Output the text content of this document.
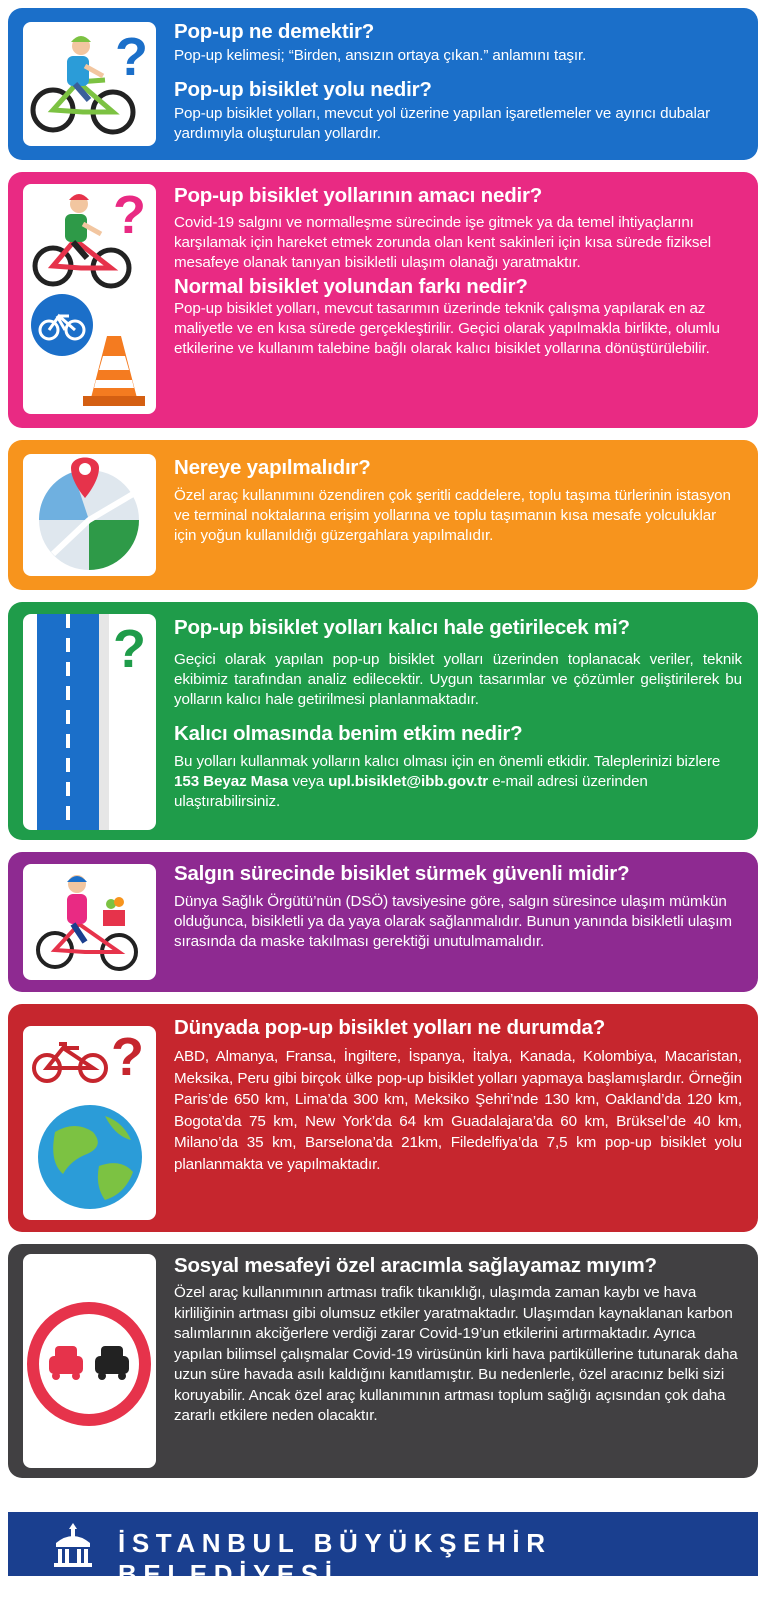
? Pop-up ne demektir?
Pop-up kelimesi; “Birden, ansızın ortaya çıkan.” anlamını taşır.
Pop-up bisiklet yolu nedir?
Pop-up bisiklet yolları, mevcut yol üzerine yapılan işaretlemeler ve ayırıcı dubalar yardımıyla oluşturulan yollardır.
? Pop-up bisiklet yollarının amacı nedir?
Covid-19 salgını ve normalleşme sürecinde işe gitmek ya da temel ihtiyaçlarını karşılamak için hareket etmek zorunda olan kent sakinleri için kısa sürede fiziksel mesafeye olanak tanıyan bisikletli ulaşım olanağı yaratmaktır.
Normal bisiklet yolundan farkı nedir?
Pop-up bisiklet yolları, mevcut tasarımın üzerinde teknik çalışma yapılarak en az maliyetle ve en kısa sürede gerçekleştirilir. Geçici olarak yapılmakla birlikte, olumlu etkilerine ve kullanım talebine bağlı olarak kalıcı bisiklet yollarına dönüştürülebilir.
Nereye yapılmalıdır?
Özel araç kullanımını özendiren çok şeritli caddelere, toplu taşıma türlerinin istasyon ve terminal noktalarına erişim yollarına ve toplu taşımanın kısa mesafe yolculuklar için yoğun kullanıldığı güzergahlara yapılmalıdır.
? Pop-up bisiklet yolları kalıcı hale getirilecek mi?
Geçici olarak yapılan pop-up bisiklet yolları üzerinden toplanacak veriler, teknik ekibimiz tarafından analiz edilecektir. Uygun tasarımlar ve çözümler geliştirilerek bu yolların kalıcı hale getirilmesi planlanmaktadır.
Kalıcı olmasında benim etkim nedir?
Bu yolları kullanmak yolların kalıcı olması için en önemli etkidir. Taleplerinizi bizlere 153 Beyaz Masa veya upl.bisiklet@ibb.gov.tr e-mail adresi üzerinden ulaştırabilirsiniz.
Salgın sürecinde bisiklet sürmek güvenli midir?
Dünya Sağlık Örgütü’nün (DSÖ) tavsiyesine göre, salgın süresince ulaşım mümkün olduğunca, bisikletli ya da yaya olarak sağlanmalıdır. Bunun yanında bisikletli ulaşım sırasında da maske takılması gerektiği unutulmamalıdır.
? Dünyada pop-up bisiklet yolları ne durumda?
ABD, Almanya, Fransa, İngiltere, İspanya, İtalya, Kanada, Kolombiya, Macaristan, Meksika, Peru gibi birçok ülke pop-up bisiklet yolları yapmaya başlamışlardır. Örneğin Paris’de 650 km, Lima’da 300 km, Meksiko Şehri’nde 130 km, Oakland’da 120 km, Bogota’da 75 km, New York’da 64 km Guadalajara’da 60 km, Brüksel’de 40 km, Milano’da 35 km, Barselona’da 21km, Filedelfiya’da 7,5 km pop-up bisiklet yolu planlanmakta ve yapılmaktadır.
Sosyal mesafeyi özel aracımla sağlayamaz mıyım?
Özel araç kullanımının artması trafik tıkanıklığı, ulaşımda zaman kaybı ve hava kirliliğinin artması gibi olumsuz etkiler yaratmaktadır. Ulaşımdan kaynaklanan karbon salımlarının akciğerlere verdiği zarar Covid-19’un etkilerini artırmaktadır. Ayrıca yapılan bilimsel çalışmalar Covid-19 virüsünün kirli hava partiküllerine tutunarak daha uzun süre havada asılı kaldığını kanıtlamıştır. Bu nedenlerle, özel aracınız belki sizi koruyabilir. Ancak özel araç kullanımının artması toplum sağlığı açısından çok daha zararlı etkilere neden olacaktır.
İSTANBUL BÜYÜKŞEHİR BELEDİYESİ
